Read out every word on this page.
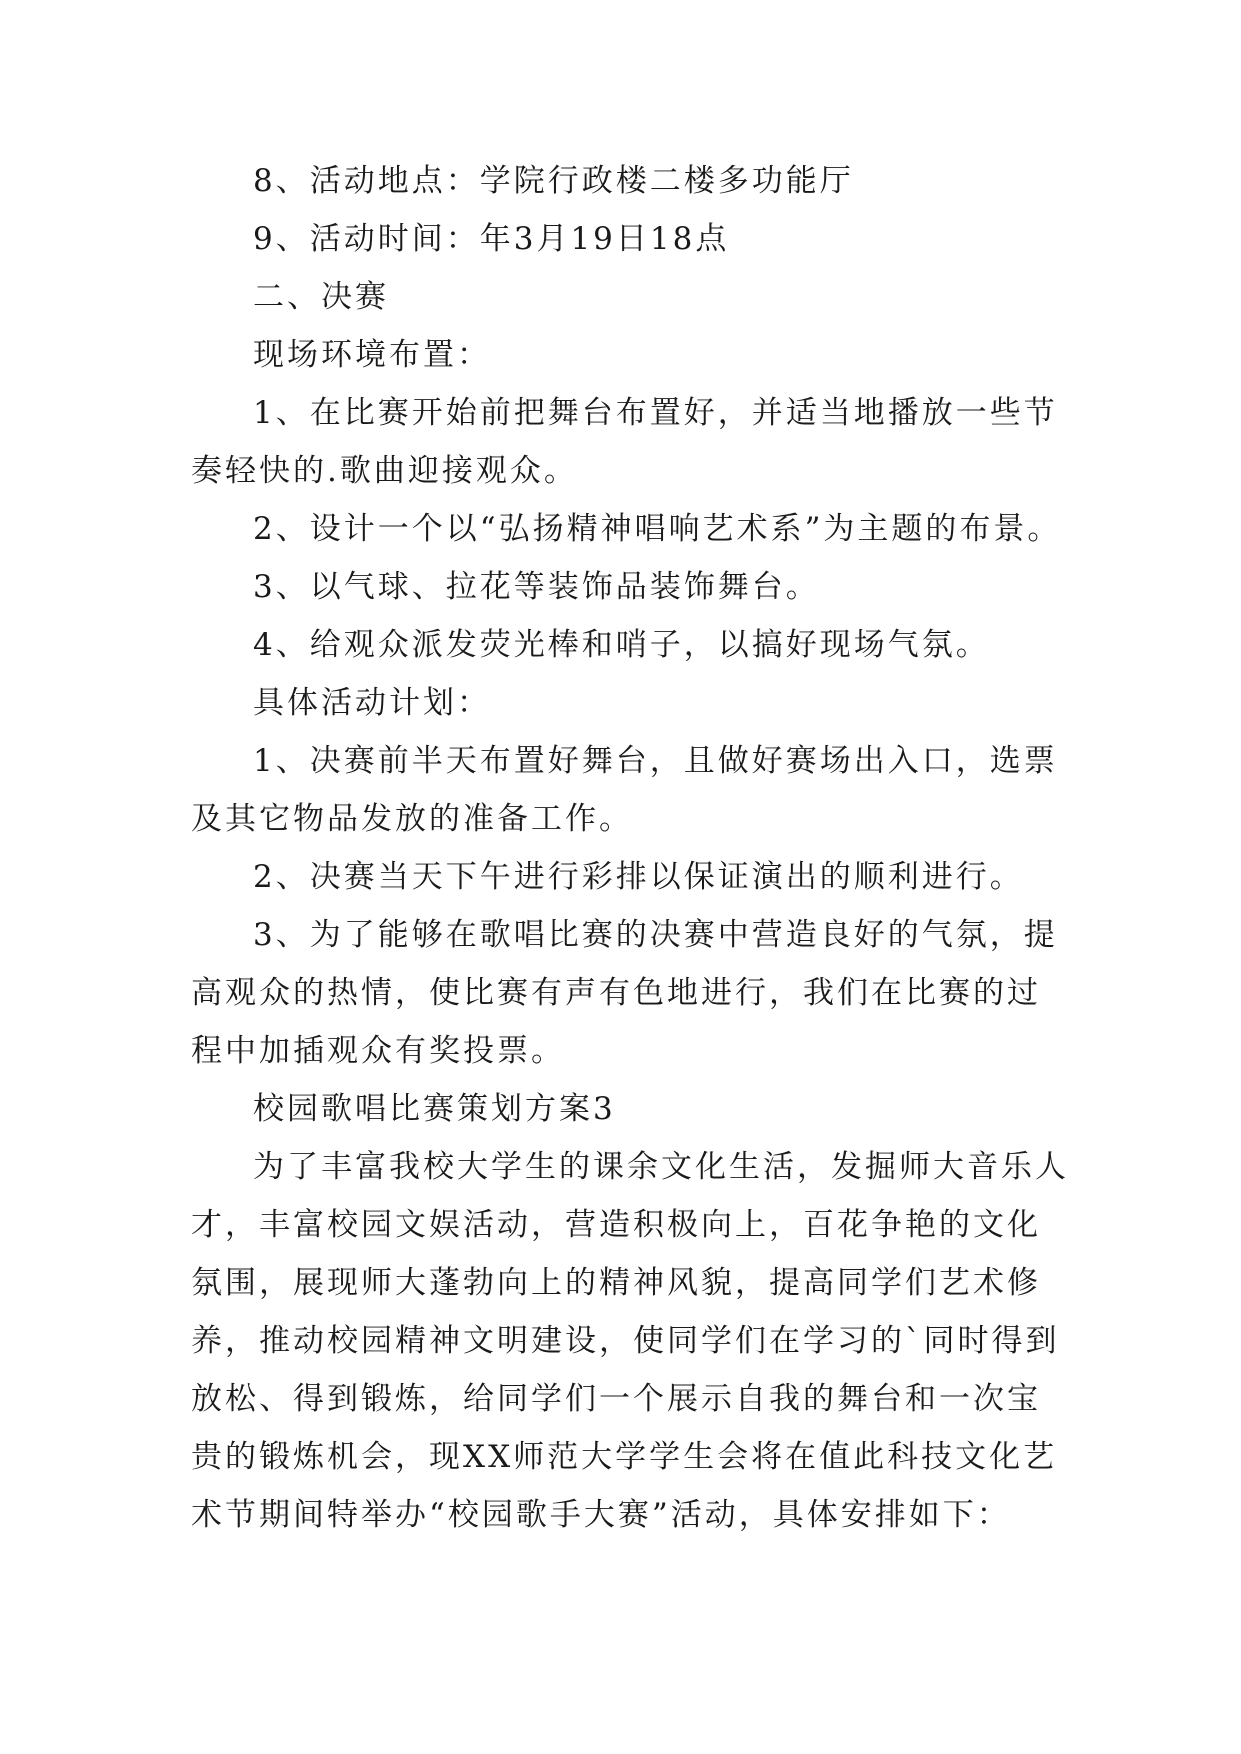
8、活动地点：学院行政楼二楼多功能厅

9、活动时间：年3月19日18点

二、决赛

现场环境布置：

1、在比赛开始前把舞台布置好，并适当地播放一些节奏轻快的.歌曲迎接观众。

2、设计一个以“弘扬精神唱响艺术系”为主题的布景。

3、以气球、拉花等装饰品装饰舞台。

4、给观众派发荧光棒和哨子，以搞好现场气氛。

具体活动计划：

1、决赛前半天布置好舞台，且做好赛场出入口，选票及其它物品发放的准备工作。

2、决赛当天下午进行彩排以保证演出的顺利进行。

3、为了能够在歌唱比赛的决赛中营造良好的气氛，提高观众的热情，使比赛有声有色地进行，我们在比赛的过程中加插观众有奖投票。

校园歌唱比赛策划方案3

为了丰富我校大学生的课余文化生活，发掘师大音乐人才，丰富校园文娱活动，营造积极向上，百花争艳的文化氛围，展现师大蓬勃向上的精神风貌，提高同学们艺术修养，推动校园精神文明建设，使同学们在学习的`同时得到放松、得到锻炼，给同学们一个展示自我的舞台和一次宝贵的锻炼机会，现XX师范大学学生会将在值此科技文化艺术节期间特举办“校园歌手大赛”活动，具体安排如下：
